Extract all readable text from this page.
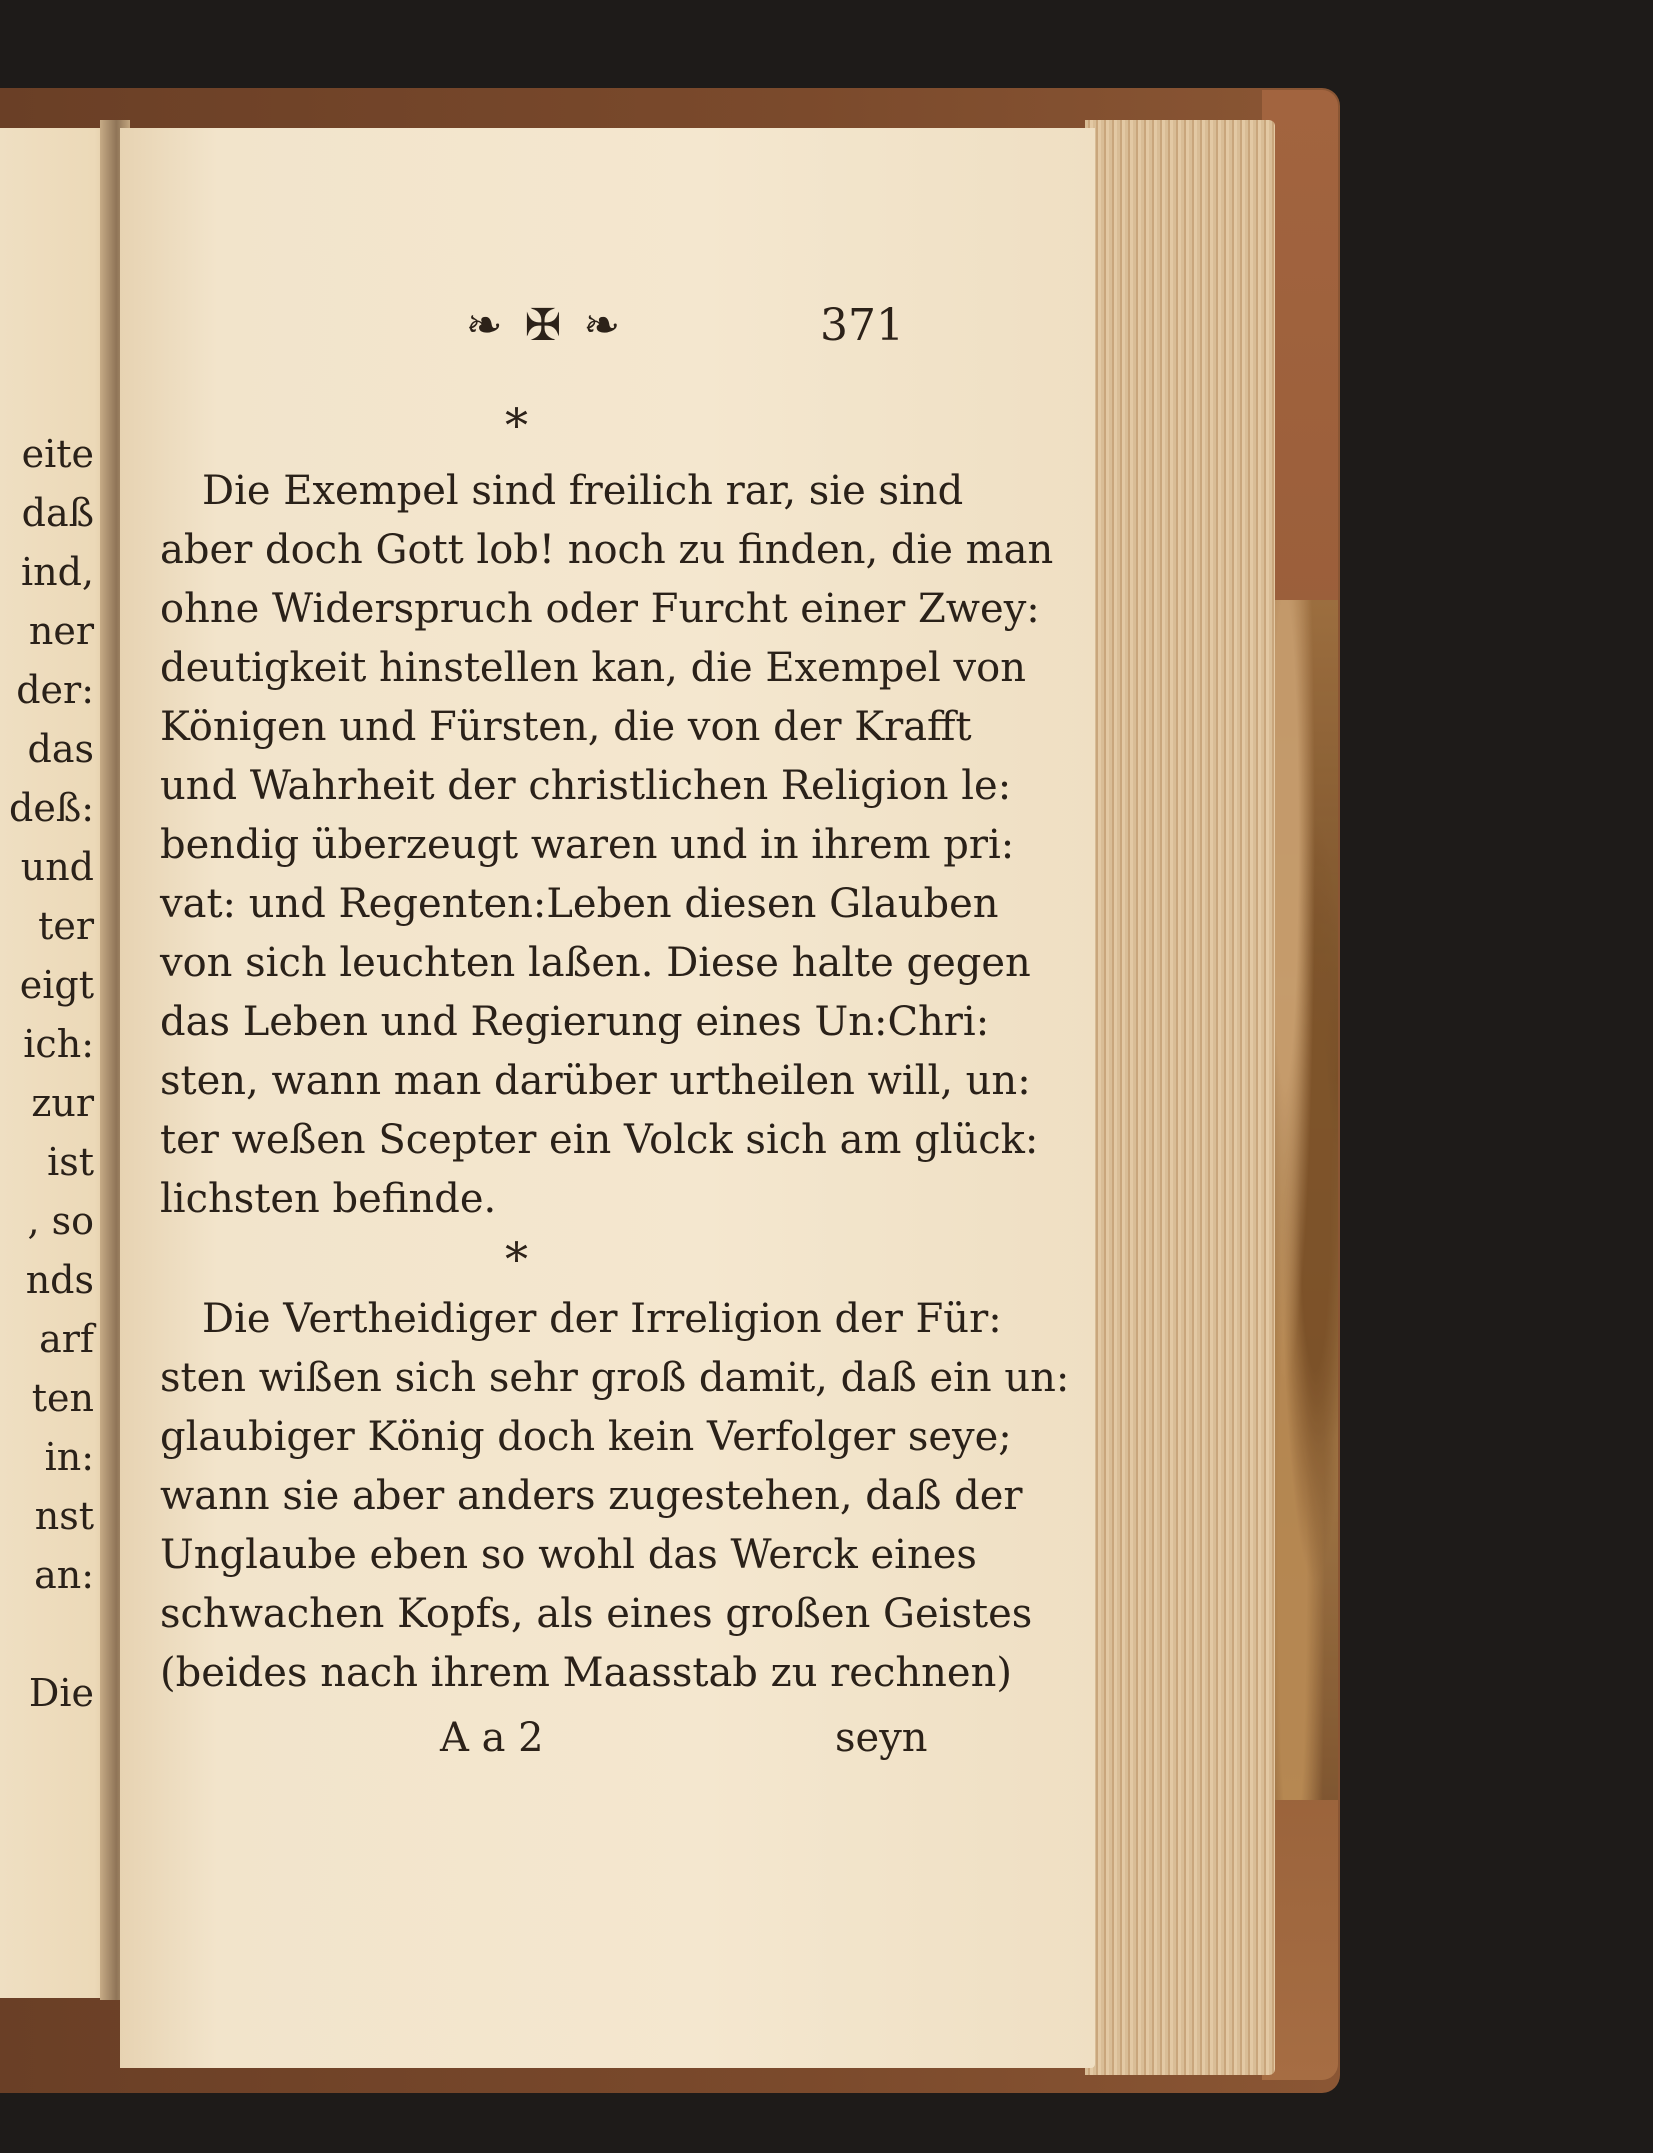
eite
daß
ind,
ner
der:
das
deß:
und
ter
eigt
ich:
zur
ist
, so
nds
arf
ten
in:
nst
an:
Die
❧ ✠ ❧	371
*
Die Exempel sind freilich rar, sie sind
aber doch Gott lob! noch zu finden, die man
ohne Widerspruch oder Furcht einer Zwey:
deutigkeit hinstellen kan, die Exempel von
Königen und Fürsten, die von der Krafft
und Wahrheit der christlichen Religion le:
bendig überzeugt waren und in ihrem pri:
vat: und Regenten:Leben diesen Glauben
von sich leuchten laßen. Diese halte gegen
das Leben und Regierung eines Un:Chri:
sten, wann man darüber urtheilen will, un:
ter weßen Scepter ein Volck sich am glück:
lichsten befinde.
*
Die Vertheidiger der Irreligion der Für:
sten wißen sich sehr groß damit, daß ein un:
glaubiger König doch kein Verfolger seye;
wann sie aber anders zugestehen, daß der
Unglaube eben so wohl das Werck eines
schwachen Kopfs, als eines großen Geistes
(beides nach ihrem Maasstab zu rechnen)
A a 2	seyn
